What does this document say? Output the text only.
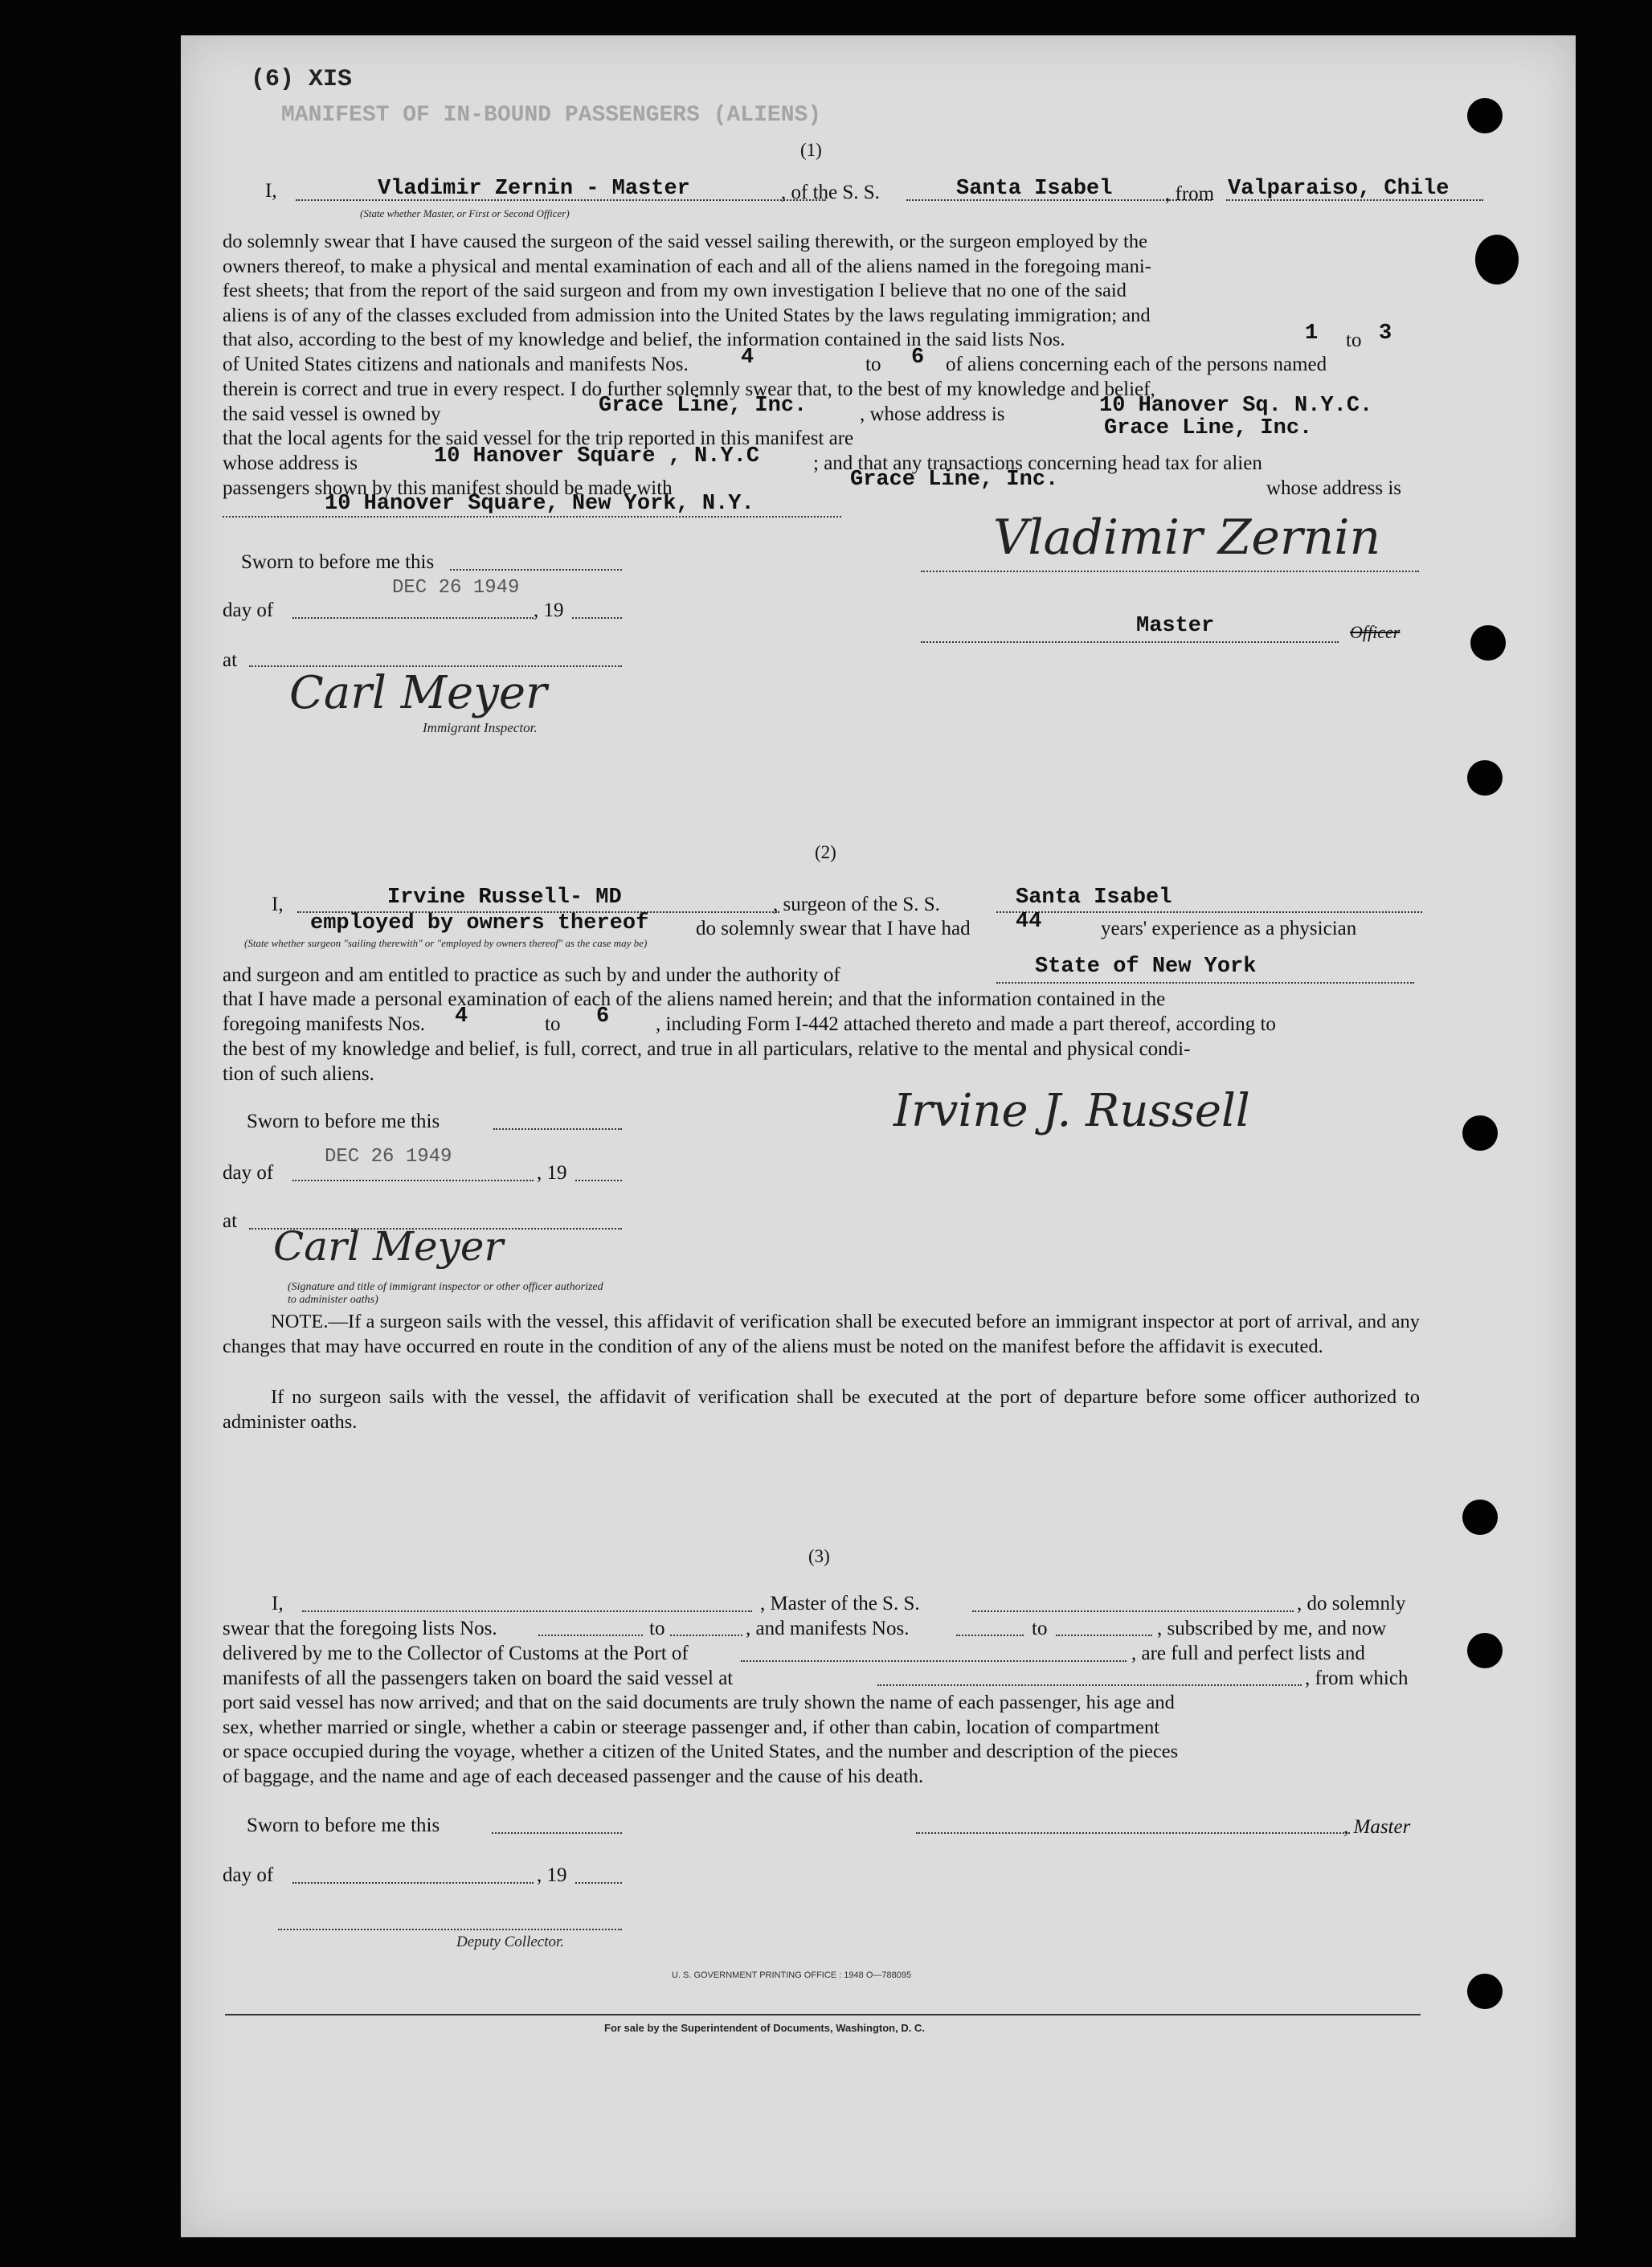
(6) XIS
MANIFEST OF IN-BOUND PASSENGERS (ALIENS)
(1)
I,	Vladimir Zernin - Master	, of the S. S.	Santa Isabel	, from Valparaiso, Chile
(State whether Master, or First or Second Officer)
do solemnly swear that I have caused the surgeon of the said vessel sailing therewith, or the surgeon employed by the
owners thereof, to make a physical and mental examination of each and all of the aliens named in the foregoing mani-
fest sheets; that from the report of the said surgeon and from my own investigation I believe that no one of the said
aliens is of any of the classes excluded from admission into the United States by the laws regulating immigration; and
that also, according to the best of my knowledge and belief, the information contained in the said lists Nos.	1 to 3
of United States citizens and nationals and manifests Nos. 4	to 6 of aliens concerning each of the persons named
therein is correct and true in every respect. I do further solemnly swear that, to the best of my knowledge and belief,
the said vessel is owned by	Grace Line, Inc.	, whose address is	10 Hanover Sq. N.Y.C.
that the local agents for the said vessel for the trip reported in this manifest are	Grace Line, Inc.
whose address is	10 Hanover Square , N.Y.C	; and that any transactions concerning head tax for alien
passengers shown by this manifest should be made with	Grace Line, Inc.	whose address is
10 Hanover Square, New York, N.Y.
Sworn to before me this
day of
DEC 26 1949
, 19
at
Carl Meyer
Immigrant Inspector.
Vladimir Zernin
Master	Officer
(2)
I,	Irvine Russell- MD	, surgeon of the S. S.	Santa Isabel
employed by owners thereof do solemnly swear that I have had 44	years' experience as a physician
(State whether surgeon "sailing therewith" or "employed by owners thereof" as the case may be)
and surgeon and am entitled to practice as such by and under the authority of	State of New York
that I have made a personal examination of each of the aliens named herein; and that the information contained in the
foregoing manifests Nos. 4	to 6 , including Form I-442 attached thereto and made a part thereof, according to
the best of my knowledge and belief, is full, correct, and true in all particulars, relative to the mental and physical condi-
tion of such aliens.
Sworn to before me this
day of
DEC 26 1949
, 19
at
Carl Meyer
(Signature and title of immigrant inspector or other officer authorized to administer oaths)
Irvine J. Russell
NOTE.—If a surgeon sails with the vessel, this affidavit of verification shall be executed before an immigrant inspector at port of arrival, and any changes that may have occurred en route in the condition of any of the aliens must be noted on the manifest before the affidavit is executed.
If no surgeon sails with the vessel, the affidavit of verification shall be executed at the port of departure before some officer authorized to administer oaths.
(3)
I,	, Master of the S. S.	, do solemnly
swear that the foregoing lists Nos.	to	, and manifests Nos.	to	, subscribed by me, and now
delivered by me to the Collector of Customs at the Port of	, are full and perfect lists and
manifests of all the passengers taken on board the said vessel at	, from which
port said vessel has now arrived; and that on the said documents are truly shown the name of each passenger, his age and
sex, whether married or single, whether a cabin or steerage passenger and, if other than cabin, location of compartment
or space occupied during the voyage, whether a citizen of the United States, and the number and description of the pieces
of baggage, and the name and age of each deceased passenger and the cause of his death.
Sworn to before me this	, Master
day of	, 19
Deputy Collector.
U. S. GOVERNMENT PRINTING OFFICE : 1948 O—788095
For sale by the Superintendent of Documents, Washington, D. C.
